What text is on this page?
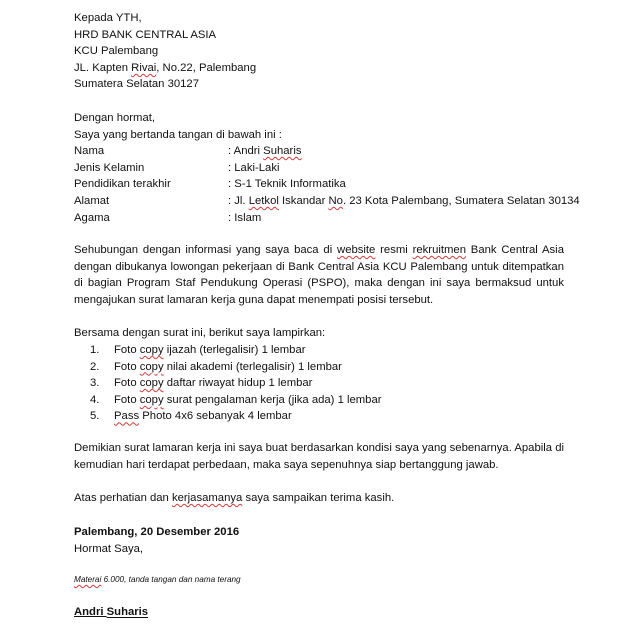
Kepada YTH,
HRD BANK CENTRAL ASIA
KCU Palembang
JL. Kapten Rivai, No.22, Palembang
Sumatera Selatan 30127
Dengan hormat,
Saya yang bertanda tangan di bawah ini :
Nama	: Andri Suharis
Jenis Kelamin	: Laki-Laki
Pendidikan terakhir	: S-1 Teknik Informatika
Alamat	: Jl. Letkol Iskandar No. 23 Kota Palembang, Sumatera Selatan 30134
Agama	: Islam

Sehubungan dengan informasi yang saya baca di website resmi rekruitmen Bank Central Asia dengan dibukanya lowongan pekerjaan di Bank Central Asia KCU Palembang untuk ditempatkan di bagian Program Staf Pendukung Operasi (PSPO), maka dengan ini saya bermaksud untuk mengajukan surat lamaran kerja guna dapat menempati posisi tersebut.

Bersama dengan surat ini, berikut saya lampirkan:
1.	Foto copy ijazah (terlegalisir) 1 lembar
2.	Foto copy nilai akademi (terlegalisir) 1 lembar
3.	Foto copy daftar riwayat hidup 1 lembar
4.	Foto copy surat pengalaman kerja (jika ada) 1 lembar
5.	Pass Photo 4x6 sebanyak 4 lembar

Demikian surat lamaran kerja ini saya buat berdasarkan kondisi saya yang sebenarnya. Apabila di kemudian hari terdapat perbedaan, maka saya sepenuhnya siap bertanggung jawab.

Atas perhatian dan kerjasamanya saya sampaikan terima kasih.
Palembang, 20 Desember 2016
Hormat Saya,
Materai 6.000, tanda tangan dan nama terang
Andri Suharis
